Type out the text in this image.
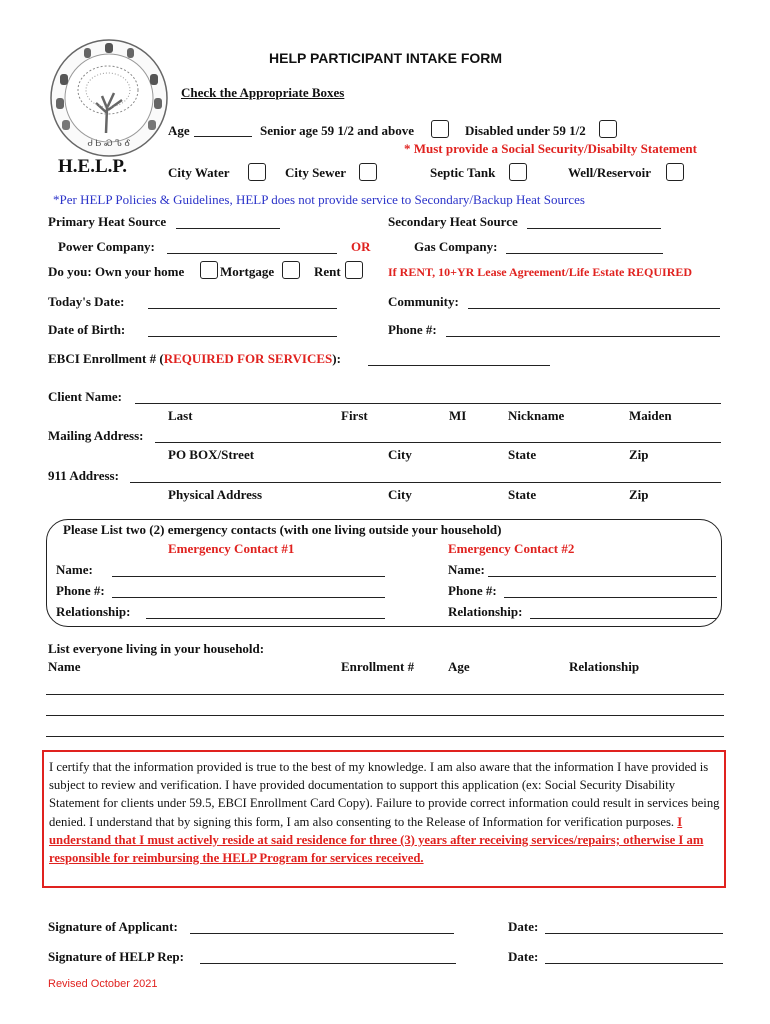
Ꮷ Ꮟ Ꮝ Ꮦ Ꮄ
H.E.L.P.
HELP PARTICIPANT INTAKE FORM
Check the Appropriate Boxes
Age	Senior age 59 1/2 and above	Disabled under 59 1/2
* Must provide a Social Security/Disabilty Statement
City Water	City Sewer	Septic Tank	Well/Reservoir
*Per HELP Policies & Guidelines, HELP does not provide service to Secondary/Backup Heat Sources
Primary Heat Source	Secondary Heat Source
Power Company:	OR	Gas Company:
Do you: Own your home	Mortgage	Rent	If RENT, 10+YR Lease Agreement/Life Estate REQUIRED
Today's Date:	Community:
Date of Birth:	Phone #:
EBCI Enrollment # (REQUIRED FOR SERVICES):
Client Name:
Last	First	MI	Nickname	Maiden
Mailing Address:
PO BOX/Street	City	State	Zip
911 Address:
Physical Address	City	State	Zip
Please List two (2) emergency contacts (with one living outside your household)
Emergency Contact #1	Emergency Contact #2
Name:	Name:
Phone #:	Phone #:
Relationship:	Relationship:
List everyone living in your household:
Name	Enrollment #	Age	Relationship
I certify that the information provided is true to the best of my knowledge. I am also aware that the information I have provided is subject to review and verification. I have provided documentation to support this application (ex: Social Security Disability Statement for clients under 59.5, EBCI Enrollment Card Copy). Failure to provide correct information could result in services being denied. I understand that by signing this form, I am also consenting to the Release of Information for verification purposes. I understand that I must actively reside at said residence for three (3) years after receiving services/repairs; otherwise I am responsible for reimbursing the HELP Program for services received.
Signature of Applicant:	Date:
Signature of HELP Rep:	Date:
Revised October 2021
